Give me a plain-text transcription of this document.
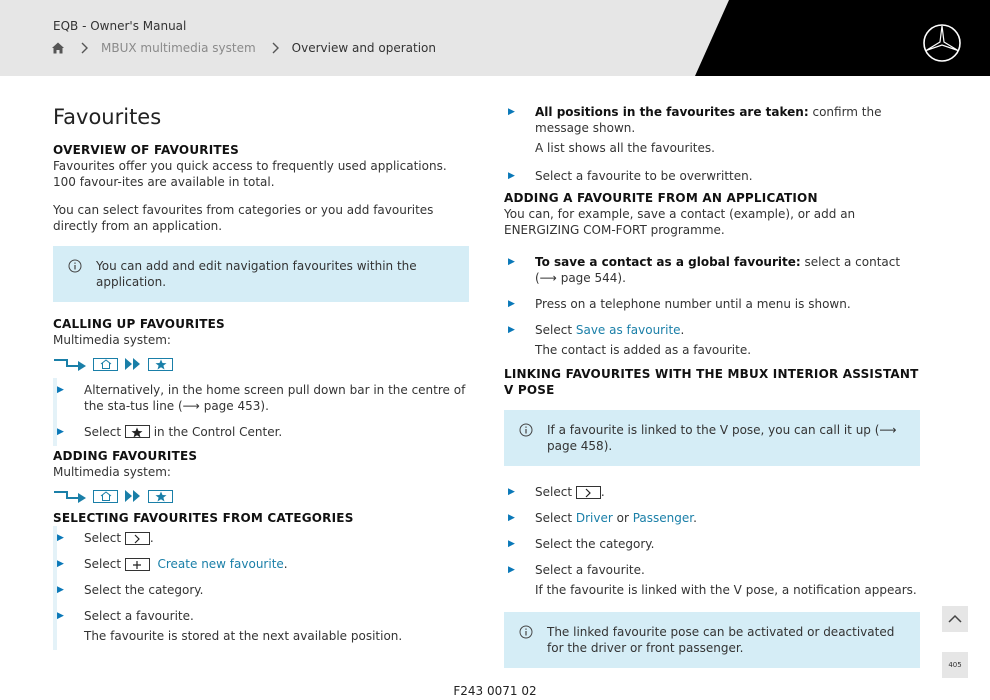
EQB - Owner's Manual
MBUX multimedia system	Overview and operation
Favourites
OVERVIEW OF FAVOURITES

Favourites offer you quick access to frequently used applications. 100 favour-ites are available in total.

You can select favourites from categories or you add favourites directly from an application.

You can add and edit navigation favourites within the application.
CALLING UP FAVOURITES
Multimedia system:
▶	Alternatively, in the home screen pull down bar in the centre of the sta-tus line (⟶ page 453).
▶	Select	in the Control Center.
ADDING FAVOURITES
Multimedia system:
SELECTING FAVOURITES FROM CATEGORIES
▶	Select .
▶	Select	Create new favourite.
▶	Select the category.
▶	Select a favourite.
The favourite is stored at the next available position.
▶	All positions in the favourites are taken: confirm the message shown.
A list shows all the favourites.
▶	Select a favourite to be overwritten.
ADDING A FAVOURITE FROM AN APPLICATION

You can, for example, save a contact (example), or add an ENERGIZING COM-FORT programme.

▶	To save a contact as a global favourite: select a contact (⟶ page 544).
▶	Press on a telephone number until a menu is shown.
▶	Select Save as favourite.
The contact is added as a favourite.
LINKING FAVOURITES WITH THE MBUX INTERIOR ASSISTANT V POSE
If a favourite is linked to the V pose, you can call it up (⟶ page 458).
▶	Select .
▶	Select Driver or Passenger.
▶	Select the category.
▶	Select a favourite.
If the favourite is linked with the V pose, a notification appears.
The linked favourite pose can be activated or deactivated for the driver or front passenger.
405
F243 0071 02
